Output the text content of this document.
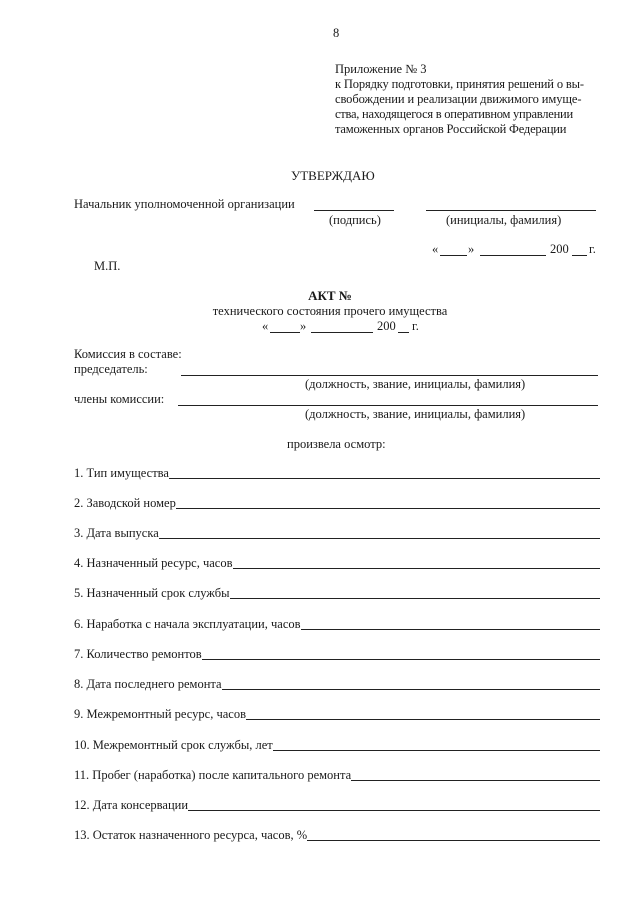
8
Приложение № 3
к Порядку подготовки, принятия решений о вы-
свобождении и реализации движимого имуще-
ства, находящегося в оперативном управлении
таможенных органов Российской Федерации
УТВЕРЖДАЮ
Начальник уполномоченной организации
(подпись)	(инициалы, фамилия)
« »	200 г.
М.П.
АКТ №
технического состояния прочего имущества
«	»	200 г.
Комиссия в составе:
председатель:
(должность, звание, инициалы, фамилия)
члены комиссии:
(должность, звание, инициалы, фамилия)
произвела осмотр:
1. Тип имущества
2. Заводской номер
3. Дата выпуска
4. Назначенный ресурс, часов
5. Назначенный срок службы
6. Наработка с начала эксплуатации, часов
7. Количество ремонтов
8. Дата последнего ремонта
9. Межремонтный ресурс, часов
10. Межремонтный срок службы, лет
11. Пробег (наработка) после капитального ремонта
12. Дата консервации
13. Остаток назначенного ресурса, часов, %
